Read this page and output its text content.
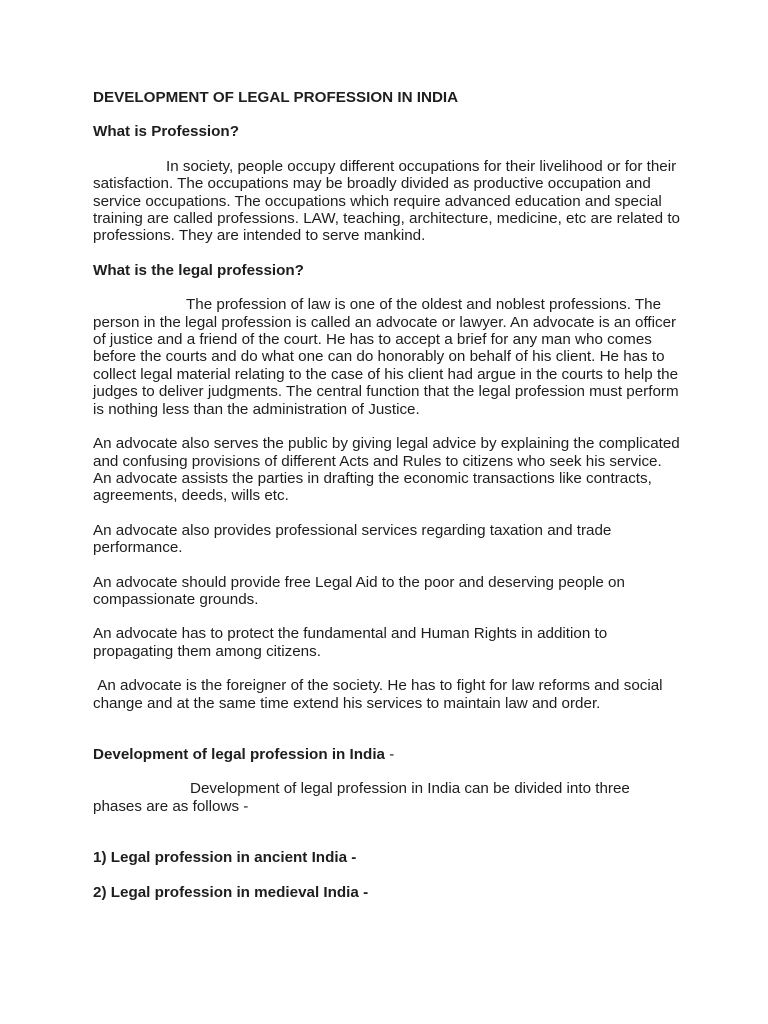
DEVELOPMENT OF LEGAL PROFESSION IN INDIA

What is Profession?

In society, people occupy different occupations for their livelihood or for their satisfaction. The occupations may be broadly divided as productive occupation and service occupations. The occupations which require advanced education and special training are called professions. LAW, teaching, architecture, medicine, etc are related to professions. They are intended to serve mankind.

What is the legal profession?

The profession of law is one of the oldest and noblest professions. The person in the legal profession is called an advocate or lawyer. An advocate is an officer of justice and a friend of the court. He has to accept a brief for any man who comes before the courts and do what one can do honorably on behalf of his client. He has to collect legal material relating to the case of his client had argue in the courts to help the judges to deliver judgments. The central function that the legal profession must perform is nothing less than the administration of Justice.

An advocate also serves the public by giving legal advice by explaining the complicated and confusing provisions of different Acts and Rules to citizens who seek his service.

An advocate assists the parties in drafting the economic transactions like contracts, agreements, deeds, wills etc.

An advocate also provides professional services regarding taxation and trade performance.

An advocate should provide free Legal Aid to the poor and deserving people on compassionate grounds.

An advocate has to protect the fundamental and Human Rights in addition to propagating them among citizens.

An advocate is the foreigner of the society. He has to fight for law reforms and social change and at the same time extend his services to maintain law and order.

Development of legal profession in India -

Development of legal profession in India can be divided into three phases are as follows -

1) Legal profession in ancient India -

2) Legal profession in medieval India -
